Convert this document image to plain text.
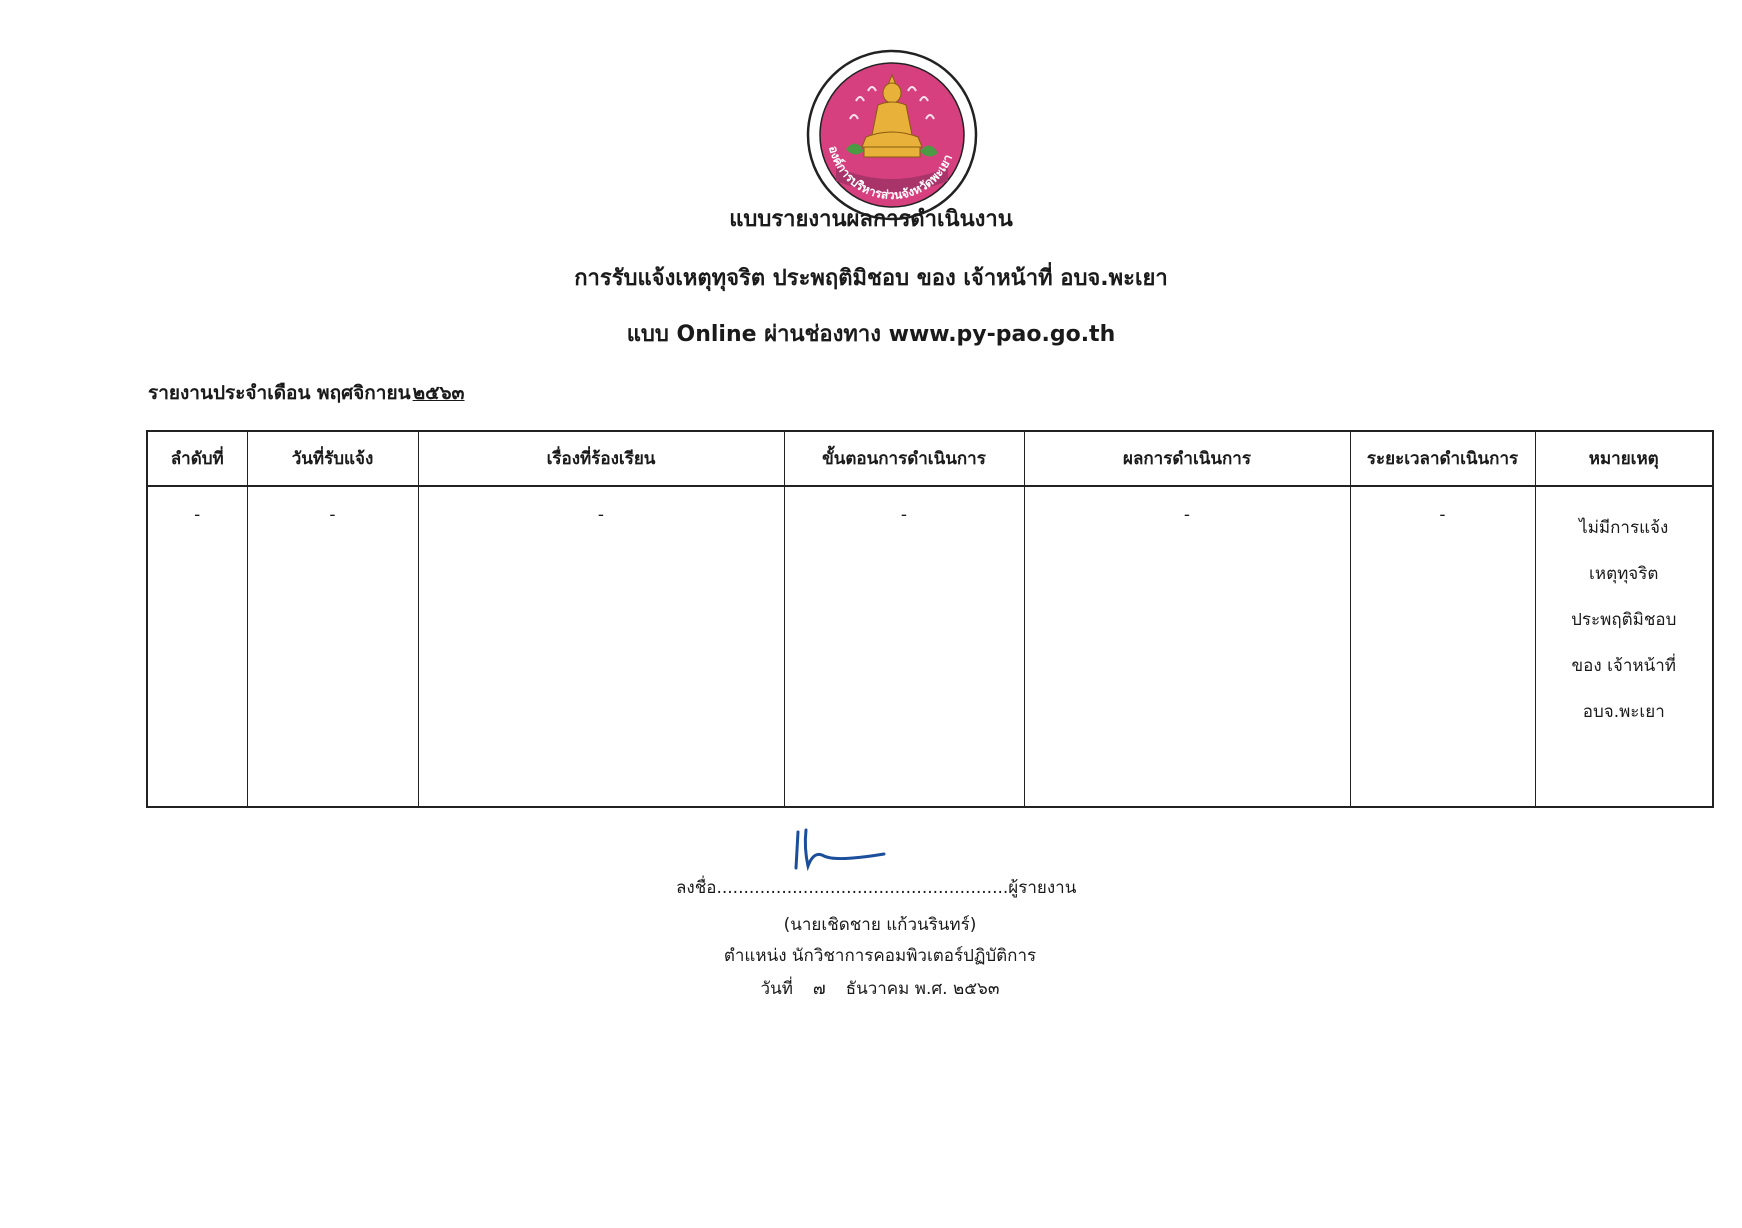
องค์การบริหารส่วนจังหวัดพะเยา
แบบรายงานผลการดำเนินงาน
การรับแจ้งเหตุทุจริต ประพฤติมิชอบ ของ เจ้าหน้าที่ อบจ.พะเยา
แบบ Online ผ่านช่องทาง www.py-pao.go.th
รายงานประจำเดือน พฤศจิกายน ๒๕๖๓
ลำดับที่	วันที่รับแจ้ง	เรื่องที่ร้องเรียน	ขั้นตอนการดำเนินการ	ผลการดำเนินการ	ระยะเวลาดำเนินการ	หมายเหตุ
-	-	-	-	-	-	ไม่มีการแจ้ง
เหตุทุจริต
ประพฤติมิชอบ
ของ เจ้าหน้าที่
อบจ.พะเยา
ลงชื่อ......................................................ผู้รายงาน
(นายเชิดชาย แก้วนรินทร์)
ตำแหน่ง นักวิชาการคอมพิวเตอร์ปฏิบัติการ
วันที่ ๗ ธันวาคม พ.ศ. ๒๕๖๓
